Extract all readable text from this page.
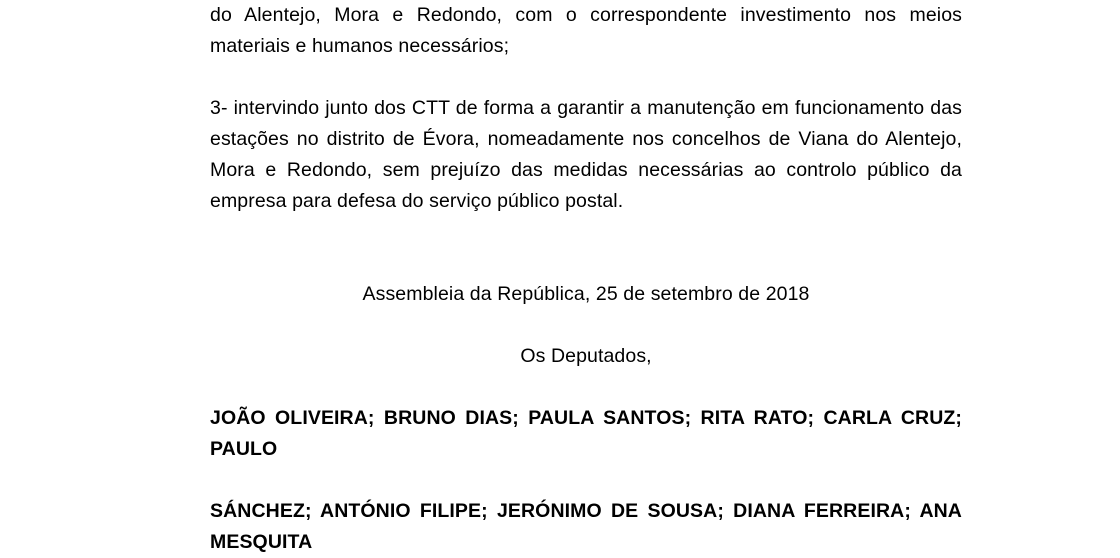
do Alentejo, Mora e Redondo, com o correspondente investimento nos meios materiais e humanos necessários;

3- intervindo junto dos CTT de forma a garantir a manutenção em funcionamento das estações no distrito de Évora, nomeadamente nos concelhos de Viana do Alentejo, Mora e Redondo, sem prejuízo das medidas necessárias ao controlo público da empresa para defesa do serviço público postal.

Assembleia da República, 25 de setembro de 2018

Os Deputados,

JOÃO OLIVEIRA; BRUNO DIAS; PAULA SANTOS; RITA RATO; CARLA CRUZ; PAULO

SÁNCHEZ; ANTÓNIO FILIPE; JERÓNIMO DE SOUSA; DIANA FERREIRA; ANA MESQUITA
